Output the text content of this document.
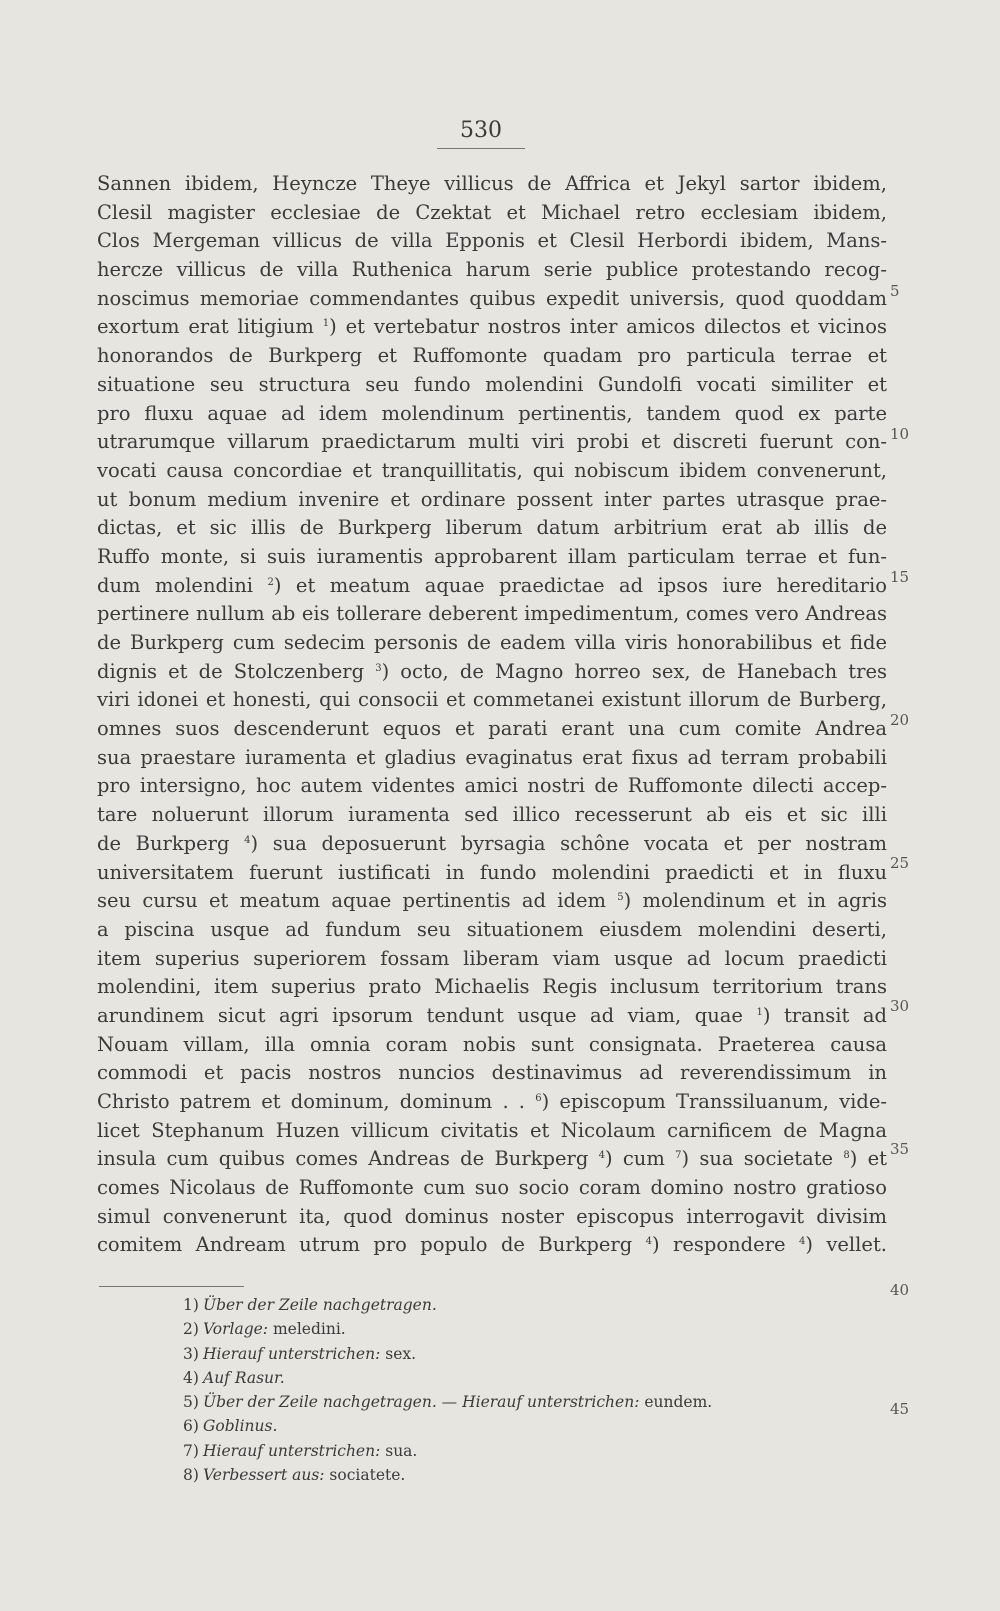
530
Sannen ibidem, Heyncze Theye villicus de Affrica et Jekyl sartor ibidem,
Clesil magister ecclesiae de Czektat et Michael retro ecclesiam ibidem,
Clos Mergeman villicus de villa Epponis et Clesil Herbordi ibidem, Mans-
hercze villicus de villa Ruthenica harum serie publice protestando recog-
noscimus memoriae commendantes quibus expedit universis, quod quoddam
exortum erat litigium $^1$) et vertebatur nostros inter amicos dilectos et vicinos
honorandos de Burkperg et Ruffomonte quadam pro particula terrae et
situatione seu structura seu fundo molendini Gundolfi vocati similiter et
pro fluxu aquae ad idem molendinum pertinentis, tandem quod ex parte
utrarumque villarum praedictarum multi viri probi et discreti fuerunt con-
vocati causa concordiae et tranquillitatis, qui nobiscum ibidem convenerunt,
ut bonum medium invenire et ordinare possent inter partes utrasque prae-
dictas, et sic illis de Burkperg liberum datum arbitrium erat ab illis de
Ruffo monte, si suis iuramentis approbarent illam particulam terrae et fun-
dum molendini $^2$) et meatum aquae praedictae ad ipsos iure hereditario
pertinere nullum ab eis tollerare deberent impedimentum, comes vero Andreas
de Burkperg cum sedecim personis de eadem villa viris honorabilibus et fide
dignis et de Stolczenberg $^3$) octo, de Magno horreo sex, de Hanebach tres
viri idonei et honesti, qui consocii et commetanei existunt illorum de Burberg,
omnes suos descenderunt equos et parati erant una cum comite Andrea
sua praestare iuramenta et gladius evaginatus erat fixus ad terram probabili
pro intersigno, hoc autem videntes amici nostri de Ruffomonte dilecti accep-
tare noluerunt illorum iuramenta sed illico recesserunt ab eis et sic illi
de Burkperg $^4$) sua deposuerunt byrsagia schône vocata et per nostram
universitatem fuerunt iustificati in fundo molendini praedicti et in fluxu
seu cursu et meatum aquae pertinentis ad idem $^5$) molendinum et in agris
a piscina usque ad fundum seu situationem eiusdem molendini deserti,
item superius superiorem fossam liberam viam usque ad locum praedicti
molendini, item superius prato Michaelis Regis inclusum territorium trans
arundinem sicut agri ipsorum tendunt usque ad viam, quae $^1$) transit ad
Nouam villam, illa omnia coram nobis sunt consignata. Praeterea causa
commodi et pacis nostros nuncios destinavimus ad reverendissimum in
Christo patrem et dominum, dominum . . $^6$) episcopum Transsiluanum, vide-
licet Stephanum Huzen villicum civitatis et Nicolaum carnificem de Magna
insula cum quibus comes Andreas de Burkperg $^4$) cum $^7$) sua societate $^8$) et
comes Nicolaus de Ruffomonte cum suo socio coram domino nostro gratioso
simul convenerunt ita, quod dominus noster episcopus interrogavit divisim
comitem Andream utrum pro populo de Burkperg $^4$) respondere $^4$) vellet.
5
10
15
20
25
30
35
40
45
1) Über der Zeile nachgetragen.
2) Vorlage: meledini.
3) Hierauf unterstrichen: sex.
4) Auf Rasur.
5) Über der Zeile nachgetragen. — Hierauf unterstrichen: eundem.
6) Goblinus.
7) Hierauf unterstrichen: sua.
8) Verbessert aus: sociatete.
